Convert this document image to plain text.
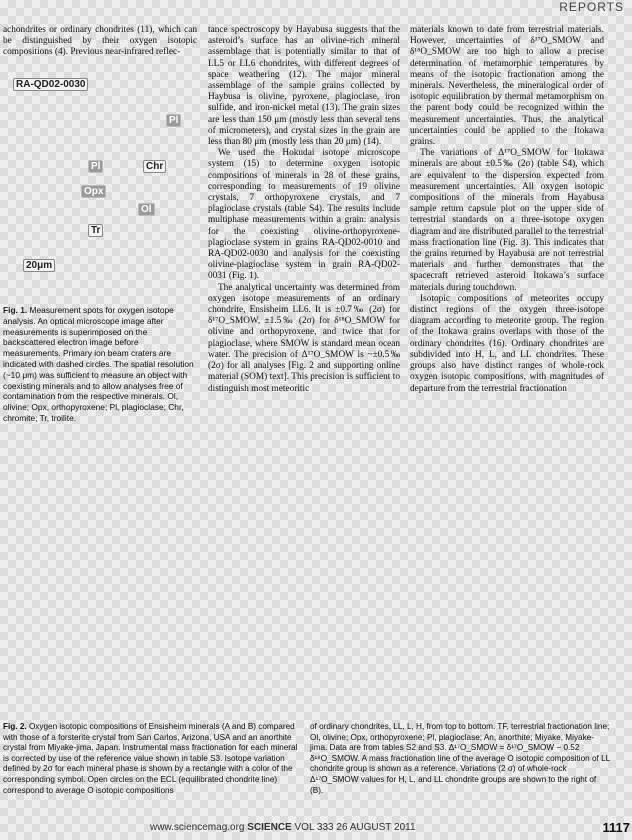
REPORTS

achondrites or ordinary chondrites (11), which can be distinguished by their oxygen isotopic compositions (4). Previous near-infrared reflec-

RA-QD02-0030
Pl
Pl	Chr
Opx
Ol
Tr
20μm
Fig. 1. Measurement spots for oxygen isotope analysis. An optical microscope image after measurements is superimposed on the backscattered electron image before measurements. Primary ion beam craters are indicated with dashed circles. The spatial resolution (~10 μm) was sufficient to measure an object with coexisting minerals and to allow analyses free of contamination from the respective minerals. Ol, olivine; Opx, orthopyroxene; Pl, plagioclase; Chr, chromite; Tr, troilite.

tance spectroscopy by Hayabusa suggests that the asteroid’s surface has an olivine-rich mineral assemblage that is potentially similar to that of LL5 or LL6 chondrites, with different degrees of space weathering (12). The major mineral assemblage of the sample grains collected by Haybusa is olivine, pyroxene, plagioclase, iron sulfide, and iron-nickel metal (13). The grain sizes are less than 150 μm (mostly less than several tens of micrometers), and crystal sizes in the grain are less than 80 μm (mostly less than 20 μm) (14).

We used the Hokudai isotope microscope system (15) to determine oxygen isotopic compositions of minerals in 28 of these grains, corresponding to measurements of 19 olivine crystals, 7 orthopyroxene crystals, and 7 plagioclase crystals (table S4). The results include multiphase measurements within a grain: analysis for the coexisting olivine-orthopyroxene-plagioclase system in grains RA-QD02-0010 and RA-QD02-0030 and analysis for the coexisting olivine-plagioclase system in grain RA-QD02-0031 (Fig. 1).

The analytical uncertainty was determined from oxygen isotope measurements of an ordinary chondrite, Ensisheim LL6. It is ±0.7‰ (2σ) for δ¹⁷O_SMOW, ±1.5‰ (2σ) for δ¹⁸O_SMOW for olivine and orthopyroxene, and twice that for plagioclase, where SMOW is standard mean ocean water. The precision of Δ¹⁷O_SMOW is ~±0.5‰ (2σ) for all analyses [Fig. 2 and supporting online material (SOM) text]. This precision is sufficient to distinguish most meteoritic

materials known to date from terrestrial materials. However, uncertainties of δ¹⁷O_SMOW and δ¹⁸O_SMOW are too high to allow a precise determination of metamorphic temperatures by means of the isotopic fractionation among the minerals. Nevertheless, the mineralogical order of isotopic equilibration by thermal metamorphism on the parent body could be recognized within the measurement uncertainties. Thus, the analytical uncertainties could be applied to the Itokawa grains.

The variations of Δ¹⁷O_SMOW for Itokawa minerals are about ±0.5‰ (2σ) (table S4), which are equivalent to the dispersion expected from measurement uncertainties. All oxygen isotopic compositions of the minerals from Hayabusa sample return capsule plot on the upper side of terrestrial standards on a three-isotope oxygen diagram and are distributed parallel to the terrestrial mass fractionation line (Fig. 3). This indicates that the grains returned by Hayabusa are not terrestrial materials and further demonstrates that the spacecraft retrieved asteroid Itokawa’s surface materials during touchdown.

Isotopic compositions of meteorites occupy distinct regions of the oxygen three-isotope diagram according to meteorite group. The region of the Itokawa grains overlaps with those of the ordinary chondrites (16). Ordinary chondrites are subdivided into H, L, and LL chondrites. These groups also have distinct ranges of whole-rock oxygen isotopic compositions, with magnitudes of departure from the terrestrial fractionation

Fig. 2. Oxygen isotopic compositions of Ensisheim minerals (A and B) compared with those of a forsterite crystal from San Carlos, Arizona, USA and an anorthite crystal from Miyake-jima, Japan. Instrumental mass fractionation for each mineral is corrected by use of the reference value shown in table S3. Isotope variation defined by 2σ for each mineral phase is shown by a rectangle with a color of the corresponding symbol. Open circles on the ECL (equilibrated chondrite line) correspond to average O isotopic compositions
of ordinary chondrites, LL, L, H, from top to bottom. TF, terrestrial fractionation line; Ol, olivine; Opx, orthopyroxene; Pl, plagioclase; An, anorthite; Miyake, Miyake-jima. Data are from tables S2 and S3. Δ¹⁷O_SMOW = δ¹⁷O_SMOW − 0.52 δ¹⁸O_SMOW. A mass fractionation line of the average O isotopic composition of LL chondrite group is shown as a reference. Variations (2 σ) of whole-rock Δ¹⁷O_SMOW values for H, L, and LL chondrite groups are shown to the right of (B).
www.sciencemag.org SCIENCE VOL 333 26 AUGUST 2011	1117
